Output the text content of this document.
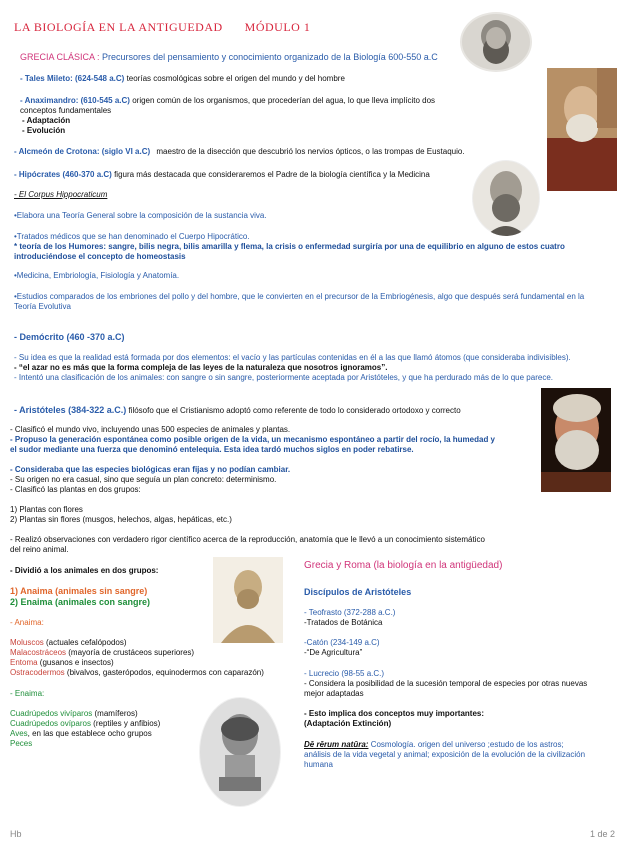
LA BIOLOGÍA EN LA ANTIGUEDAD MÓDULO 1
GRECIA CLÁSICA : Precursores del pensamiento y conocimiento organizado de la Biología 600-550 a.C
- Tales Mileto: (624-548 a.C) teorías cosmológicas sobre el origen del mundo y del hombre
- Anaximandro: (610-545 a.C) origen común de los organismos, que procederían del agua, lo que lleva implícito dos
conceptos fundamentales
- Adaptación
- Evolución
- Alcmeón de Crotona: (siglo VI a.C) maestro de la disección que descubrió los nervios ópticos, o las trompas de Eustaquio.
- Hipócrates (460-370 a.C) figura más destacada que consideraremos el Padre de la biología científica y la Medicina
- El Corpus Hippocraticum
•Elabora una Teoría General sobre la composición de la sustancia viva.
•Tratados médicos que se han denominado el Cuerpo Hipocrático.
* teoría de los Humores: sangre, bilis negra, bilis amarilla y flema, la crisis o enfermedad surgiría por una de equilibrio en alguno de estos cuatro
introduciéndose el concepto de homeostasis
•Medicina, Embriología, Fisiología y Anatomía.
•Estudios comparados de los embriones del pollo y del hombre, que le convierten en el precursor de la Embriogénesis, algo que después será fundamental en la
Teoría Evolutiva
- Demócrito (460 -370 a.C)
- Su idea es que la realidad está formada por dos elementos: el vacío y las partículas contenidas en él a las que llamó átomos (que consideraba indivisibles).
- “el azar no es más que la forma compleja de las leyes de la naturaleza que nosotros ignoramos”.
- Intentó una clasificación de los animales: con sangre o sin sangre, posteriormente aceptada por Aristóteles, y que ha perdurado más de lo que parece.
- Aristóteles (384-322 a.C.) filósofo que el Cristianismo adoptó como referente de todo lo considerado ortodoxo y correcto
- Clasificó el mundo vivo, incluyendo unas 500 especies de animales y plantas.
- Propuso la generación espontánea como posible origen de la vida, un mecanismo espontáneo a partir del rocío, la humedad y
el sudor mediante una fuerza que denominó entelequia. Esta idea tardó muchos siglos en poder rebatirse.
- Consideraba que las especies biológicas eran fijas y no podían cambiar.
- Su origen no era casual, sino que seguía un plan concreto: determinismo.
- Clasificó las plantas en dos grupos:
1) Plantas con flores
2) Plantas sin flores (musgos, helechos, algas, hepáticas, etc.)
- Realizó observaciones con verdadero rigor científico acerca de la reproducción, anatomía que le llevó a un conocimiento sistemático
del reino animal.
- Dividió a los animales en dos grupos:
1) Anaima (animales sin sangre)
2) Enaima (animales con sangre)
- Anaima:
Moluscos (actuales cefalópodos)
Malacostráceos (mayoría de crustáceos superiores)
Entoma (gusanos e insectos)
Ostracodermos (bivalvos, gasterópodos, equinodermos con caparazón)
- Enaima:
Cuadrúpedos vivíparos (mamíferos)
Cuadrúpedos ovíparos (reptiles y anfibios)
Aves, en las que establece ocho grupos
Peces
Grecia y Roma (la biología en la antigüedad)
Discípulos de Aristóteles
- Teofrasto (372-288 a.C.)
-Tratados de Botánica
-Catón (234-149 a.C)
-“De Agricultura”
- Lucrecio (98-55 a.C.)
- Considera la posibilidad de la sucesión temporal de especies por otras nuevas
mejor adaptadas
- Esto implica dos conceptos muy importantes:
(Adaptación Extinción)
Dē rērum natūra: Cosmología. origen del universo ;estudo de los astros;
análisis de la vida vegetal y animal; exposición de la evolución de la civilización
humana
Hb	1 de 2
